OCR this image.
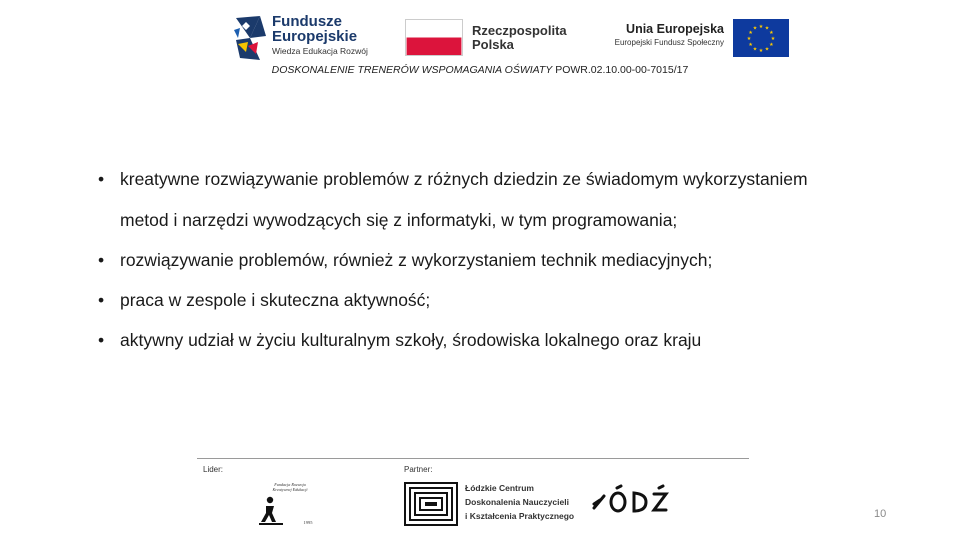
Fundusze
Europejskie
Wiedza Edukacja Rozwój
Rzeczpospolita
Polska
Unia Europejska
Europejski Fundusz Społeczny
★ ★
★
★
★
★
★
★
★
★
★
★
DOSKONALENIE TRENERÓW WSPOMAGANIA OŚWIATY POWR.02.10.00-00-7015/17
• kreatywne rozwiązywanie problemów z różnych dziedzin ze świadomym wykorzystaniem
metod i narzędzi wywodzących się z informatyki, w tym programowania;
• rozwiązywanie problemów, również z wykorzystaniem technik mediacyjnych;
• praca w zespole i skuteczna aktywność;
• aktywny udział w życiu kulturalnym szkoły, środowiska lokalnego oraz kraju
Lider:	Partner:
Fundacja Rozwoju
Kreatywnej Edukacji
1995
Łódzkie Centrum
Doskonalenia Nauczycieli
i Kształcenia Praktycznego	10
